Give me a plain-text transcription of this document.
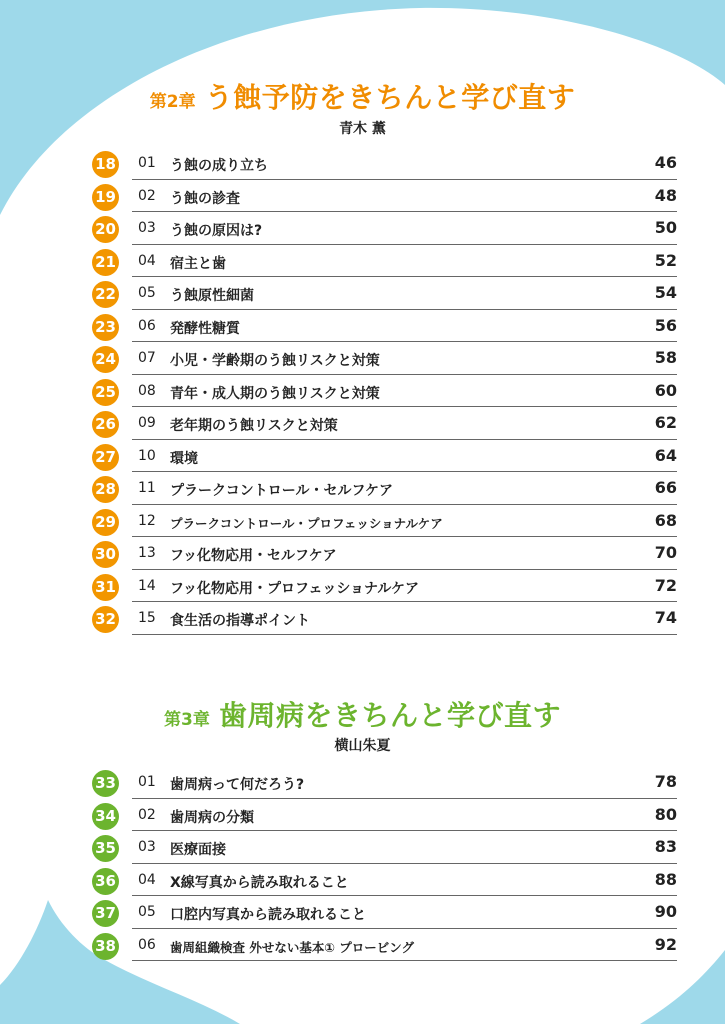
第2章 う蝕予防をきちんと学び直す
青木 薫
18 01 う蝕の成り立ち	46
19 02 う蝕の診査	48
20 03 う蝕の原因は?	50
21 04 宿主と歯	52
22 05 う蝕原性細菌	54
23 06 発酵性糖質	56
24 07 小児・学齢期のう蝕リスクと対策	58
25 08 青年・成人期のう蝕リスクと対策	60
26 09 老年期のう蝕リスクと対策	62
27 10 環境	64
28 11 プラークコントロール・セルフケア	66
29 12 プラークコントロール・プロフェッショナルケア	68
30 13 フッ化物応用・セルフケア	70
31 14 フッ化物応用・プロフェッショナルケア	72
32 15 食生活の指導ポイント	74
第3章 歯周病をきちんと学び直す
横山朱夏
33 01 歯周病って何だろう?	78
34 02 歯周病の分類	80
35 03 医療面接	83
36 04 X線写真から読み取れること	88
37 05 口腔内写真から読み取れること	90
38 06 歯周組織検査 外せない基本① プロービング	92
